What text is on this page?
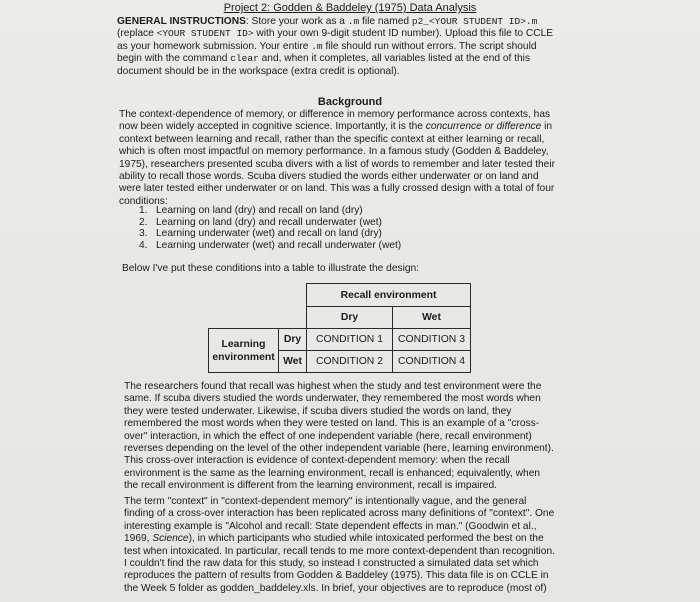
Project 2: Godden & Baddeley (1975) Data Analysis

GENERAL INSTRUCTIONS: Store your work as a .m file named p2_<YOUR STUDENT ID>.m (replace <YOUR STUDENT ID> with your own 9-digit student ID number). Upload this file to CCLE as your homework submission. Your entire .m file should run without errors. The script should begin with the command clear and, when it completes, all variables listed at the end of this document should be in the workspace (extra credit is optional).

Background

The context-dependence of memory, or difference in memory performance across contexts, has now been widely accepted in cognitive science. Importantly, it is the concurrence or difference in context between learning and recall, rather than the specific context at either learning or recall, which is often most impactful on memory performance. In a famous study (Godden & Baddeley, 1975), researchers presented scuba divers with a list of words to remember and later tested their ability to recall those words. Scuba divers studied the words either underwater or on land and were later tested either underwater or on land. This was a fully crossed design with a total of four conditions:

1. Learning on land (dry) and recall on land (dry)
2. Learning on land (dry) and recall underwater (wet)
3. Learning underwater (wet) and recall on land (dry)
4. Learning underwater (wet) and recall underwater (wet)

Below I've put these conditions into a table to illustrate the design:

		Recall environment	
		Dry	Wet

Learning
environment	Dry	CONDITION 1	CONDITION 3
	Wet	CONDITION 2	CONDITION 4

The researchers found that recall was highest when the study and test environment were the same. If scuba divers studied the words underwater, they remembered the most words when they were tested underwater. Likewise, if scuba divers studied the words on land, they remembered the most words when they were tested on land. This is an example of a "cross-over" interaction, in which the effect of one independent variable (here, recall environment) reverses depending on the level of the other independent variable (here, learning environment). This cross-over interaction is evidence of context-dependent memory: when the recall environment is the same as the learning environment, recall is enhanced; equivalently, when the recall environment is different from the learning environment, recall is impaired.

The term "context" in "context-dependent memory" is intentionally vague, and the general finding of a cross-over interaction has been replicated across many definitions of "context". One interesting example is "Alcohol and recall: State dependent effects in man." (Goodwin et al., 1969, Science), in which participants who studied while intoxicated performed the best on the test when intoxicated. In particular, recall tends to me more context-dependent than recognition. I couldn't find the raw data for this study, so instead I constructed a simulated data set which reproduces the pattern of results from Godden & Baddeley (1975). This data file is on CCLE in the Week 5 folder as godden_baddeley.xls. In brief, your objectives are to reproduce (most of)
